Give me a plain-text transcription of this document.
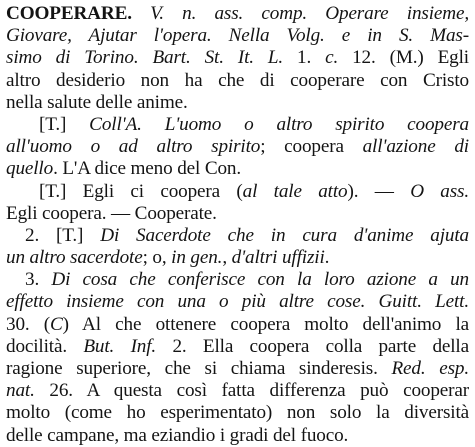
COOPERARE. V. n. ass. comp. Operare insieme,
Giovare, Ajutar l'opera. Nella Volg. e in S. Mas-
simo di Torino. Bart. St. It. L. 1. c. 12. (M.) Egli
altro desiderio non ha che di cooperare con Cristo
nella salute delle anime.
[T.] Coll'A. L'uomo o altro spirito coopera
all'uomo o ad altro spirito; coopera all'azione di
quello. L'A dice meno del Con.
[T.] Egli ci coopera (al tale atto). — O ass.
Egli coopera. — Cooperate.
2. [T.] Di Sacerdote che in cura d'anime ajuta
un altro sacerdote; o, in gen., d'altri uffizii.
3. Di cosa che conferisce con la loro azione a un
effetto insieme con una o più altre cose. Guitt. Lett.
30. (C) Al che ottenere coopera molto dell'animo la
docilità. But. Inf. 2. Ella coopera colla parte della
ragione superiore, che si chiama sinderesis. Red. esp.
nat. 26. A questa così fatta differenza può cooperar
molto (come ho esperimentato) non solo la diversità
delle campane, ma eziandio i gradi del fuoco.
